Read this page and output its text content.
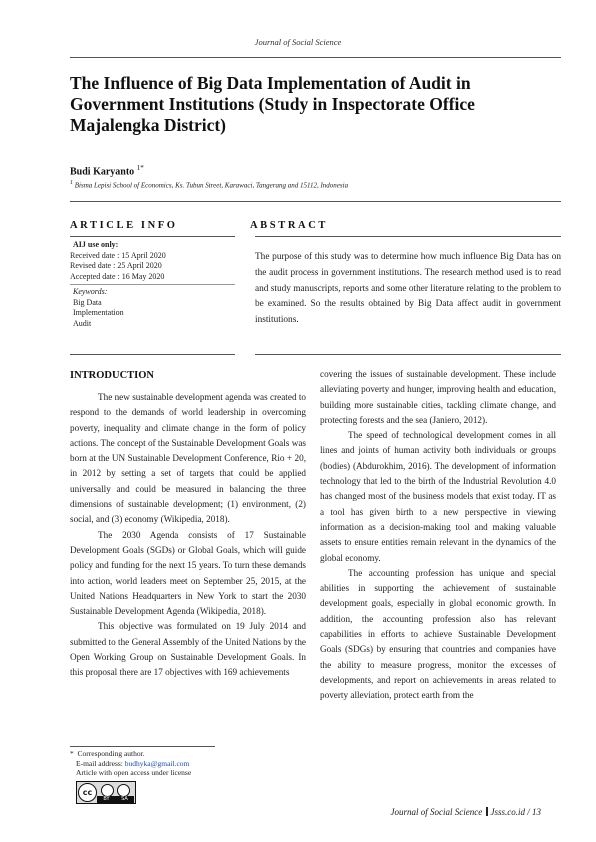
Journal of Social Science
The Influence of Big Data Implementation of Audit in Government Institutions (Study in Inspectorate Office Majalengka District)
Budi Karyanto $^{1*}$
$^1$ Bisma Lepisi School of Economics, Ks. Tubun Street, Karawaci, Tangerang and 15112, Indonesia
ARTICLE INFO	ABSTRACT
AIJ use only:
Received date : 15 April 2020
Revised date : 25 April 2020
Accepted date : 16 May 2020
Keywords:
Big Data
Implementation
Audit
The purpose of this study was to determine how much influence Big Data has on the audit process in government institutions. The research method used is to read and study manuscripts, reports and some other literature relating to the problem to be examined. So the results obtained by Big Data affect audit in government institutions.
INTRODUCTION

The new sustainable development agenda was created to respond to the demands of world leadership in overcoming poverty, inequality and climate change in the form of policy actions. The concept of the Sustainable Development Goals was born at the UN Sustainable Development Conference, Rio + 20, in 2012 by setting a set of targets that could be applied universally and could be measured in balancing the three dimensions of sustainable development; (1) environment, (2) social, and (3) economy (Wikipedia, 2018).

The 2030 Agenda consists of 17 Sustainable Development Goals (SGDs) or Global Goals, which will guide policy and funding for the next 15 years. To turn these demands into action, world leaders meet on September 25, 2015, at the United Nations Headquarters in New York to start the 2030 Sustainable Development Agenda (Wikipedia, 2018).

This objective was formulated on 19 July 2014 and submitted to the General Assembly of the United Nations by the Open Working Group on Sustainable Development Goals. In this proposal there are 17 objectives with 169 achievements

covering the issues of sustainable development. These include alleviating poverty and hunger, improving health and education, building more sustainable cities, tackling climate change, and protecting forests and the sea (Janiero, 2012).

The speed of technological development comes in all lines and joints of human activity both individuals or groups (bodies) (Abdurokhim, 2016). The development of information technology that led to the birth of the Industrial Revolution 4.0 has changed most of the business models that exist today. IT as a tool has given birth to a new perspective in viewing information as a decision-making tool and making valuable assets to ensure entities remain relevant in the dynamics of the global economy.

The accounting profession has unique and special abilities in supporting the achievement of sustainable development goals, especially in global economic growth. In addition, the accounting profession also has relevant capabilities in efforts to achieve Sustainable Development Goals (SDGs) by ensuring that countries and companies have the ability to measure progress, monitor the excesses of developments, and report on achievements in areas related to poverty alleviation, protect earth from the

* Corresponding author.
E-mail address: budhyka@gmail.com
Article with open access under license
cc
BY	SA
Journal of Social Science Jsss.co.id / 13
